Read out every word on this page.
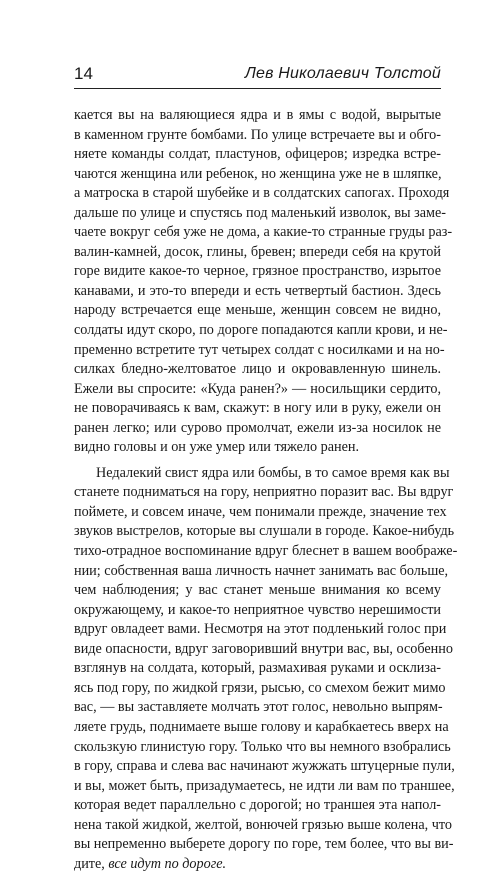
14	Лев Николаевич Толстой
кается вы на валяющиеся ядра и в ямы с водой, вырытые
в каменном грунте бомбами. По улице встречаете вы и обго-
няете команды солдат, пластунов, офицеров; изредка встре-
чаются женщина или ребенок, но женщина уже не в шляпке,
а матроска в старой шубейке и в солдатских сапогах. Проходя
дальше по улице и спустясь под маленький изволок, вы замe-
чаете вокруг себя уже не дома, а какие-то странные груды раз-
валин-камней, досок, глины, бревен; впереди себя на крутой
горе видите какое-то черное, грязное пространство, изрытое
канавами, и это-то впереди и есть четвертый бастион. Здесь
народу встречается еще меньше, женщин совсем не видно,
солдаты идут скоро, по дороге попадаются капли крови, и не-
пременно встретите тут четырех солдат с носилками и на но-
силках бледно-желтоватое лицо и окровавленную шинель.
Ежели вы спросите: «Куда ранен?» — носильщики сердито,
не поворачиваясь к вам, скажут: в ногу или в руку, ежели он
ранен легко; или сурово промолчат, ежели из-за носилок не
видно головы и он уже умер или тяжело ранен.
Недалекий свист ядра или бомбы, в то самое время как вы
станете подниматься на гору, неприятно поразит вас. Вы вдруг
поймете, и совсем иначе, чем понимали прежде, значение тех
звуков выстрелов, которые вы слушали в городе. Какое-нибудь
тихо-отрадное воспоминание вдруг блеснет в вашем воображе-
нии; собственная ваша личность начнет занимать вас больше,
чем наблюдения; у вас станет меньше внимания ко всему
окружающему, и какое-то неприятное чувство нерешимости
вдруг овладеет вами. Несмотря на этот подленький голос при
виде опасности, вдруг заговоривший внутри вас, вы, особенно
взглянув на солдата, который, размахивая руками и осклиза-
ясь под гору, по жидкой грязи, рысью, со смехом бежит мимо
вас, — вы заставляете молчать этот голос, невольно выпрям-
ляете грудь, поднимаете выше голову и карабкаетесь вверх на
скользкую глинистую гору. Только что вы немного взобрались
в гору, справа и слева вас начинают жужжать штуцерные пули,
и вы, может быть, призадумаетесь, не идти ли вам по траншее,
которая ведет параллельно с дорогой; но траншея эта напол-
нена такой жидкой, желтой, вонючей грязью выше колена, что
вы непременно выберете дорогу по горе, тем более, что вы ви-
дите, все идут по дороге.
